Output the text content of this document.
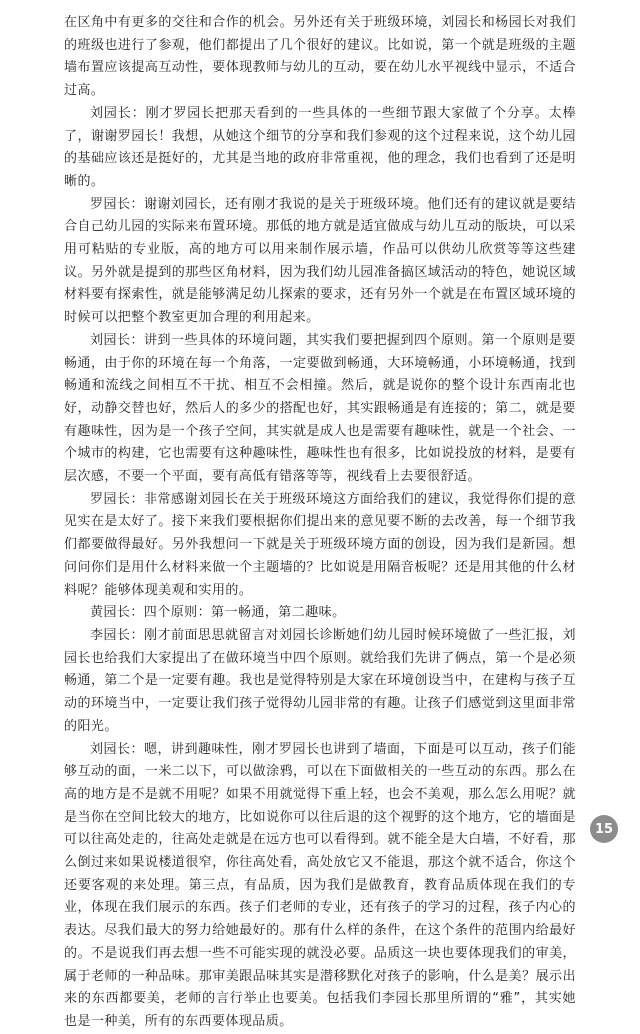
在区角中有更多的交往和合作的机会。另外还有关于班级环境，刘园长和杨园长对我们的班级也进行了参观，他们都提出了几个很好的建议。比如说，第一个就是班级的主题墙布置应该提高互动性，要体现教师与幼儿的互动，要在幼儿水平视线中显示，不适合过高。

刘园长：刚才罗园长把那天看到的一些具体的一些细节跟大家做了个分享。太棒了，谢谢罗园长！我想，从她这个细节的分享和我们参观的这个过程来说，这个幼儿园的基础应该还是挺好的，尤其是当地的政府非常重视，他的理念，我们也看到了还是明晰的。

罗园长：谢谢刘园长，还有刚才我说的是关于班级环境。他们还有的建议就是要结合自己幼儿园的实际来布置环境。那低的地方就是适宜做成与幼儿互动的版块，可以采用可粘贴的专业版，高的地方可以用来制作展示墙，作品可以供幼儿欣赏等等这些建议。另外就是提到的那些区角材料，因为我们幼儿园准备搞区域活动的特色，她说区域材料要有探索性，就是能够满足幼儿探索的要求，还有另外一个就是在布置区域环境的时候可以把整个教室更加合理的利用起来。

刘园长：讲到一些具体的环境问题，其实我们要把握到四个原则。第一个原则是要畅通，由于你的环境在每一个角落，一定要做到畅通，大环境畅通，小环境畅通，找到畅通和流线之间相互不干扰、相互不会相撞。然后，就是说你的整个设计东西南北也好，动静交替也好，然后人的多少的搭配也好，其实跟畅通是有连接的；第二，就是要有趣味性，因为是一个孩子空间，其实就是成人也是需要有趣味性，就是一个社会、一个城市的构建，它也需要有这种趣味性，趣味性也有很多，比如说投放的材料，是要有层次感，不要一个平面，要有高低有错落等等，视线看上去要很舒适。

罗园长：非常感谢刘园长在关于班级环境这方面给我们的建议，我觉得你们提的意见实在是太好了。接下来我们要根据你们提出来的意见要不断的去改善，每一个细节我们都要做得最好。另外我想问一下就是关于班级环境方面的创设，因为我们是新园。想问问你们是用什么材料来做一个主题墙的？比如说是用隔音板呢？还是用其他的什么材料呢？能够体现美观和实用的。

黄园长：四个原则：第一畅通，第二趣味。

李园长：刚才前面思思就留言对刘园长诊断她们幼儿园时候环境做了一些汇报，刘园长也给我们大家提出了在做环境当中四个原则。就给我们先讲了俩点，第一个是必须畅通，第二个是一定要有趣。我也是觉得特别是大家在环境创设当中，在建构与孩子互动的环境当中，一定要让我们孩子觉得幼儿园非常的有趣。让孩子们感觉到这里面非常的阳光。

刘园长：嗯，讲到趣味性，刚才罗园长也讲到了墙面，下面是可以互动，孩子们能够互动的面，一米二以下，可以做涂鸦，可以在下面做相关的一些互动的东西。那么在高的地方是不是就不用呢？如果不用就觉得下重上轻，也会不美观，那么怎么用呢？就是当你在空间比较大的地方，比如说你可以往后退的这个视野的这个地方，它的墙面是可以往高处走的，往高处走就是在远方也可以看得到。就不能全是大白墙，不好看，那么倒过来如果说楼道很窄，你往高处看，高处放它又不能退，那这个就不适合，你这个还要客观的来处理。第三点，有品质，因为我们是做教育，教育品质体现在我们的专业，体现在我们展示的东西。孩子们老师的专业，还有孩子的学习的过程，孩子内心的表达。尽我们最大的努力给她最好的。那有什么样的条件，在这个条件的范围内给最好的。不是说我们再去想一些不可能实现的就没必要。品质这一块也要体现我们的审美，属于老师的一种品味。那审美跟品味其实是潜移默化对孩子的影响，什么是美？展示出来的东西都要美，老师的言行举止也要美。包括我们李园长那里所谓的“雅”，其实她也是一种美，所有的东西要体现品质。

15
